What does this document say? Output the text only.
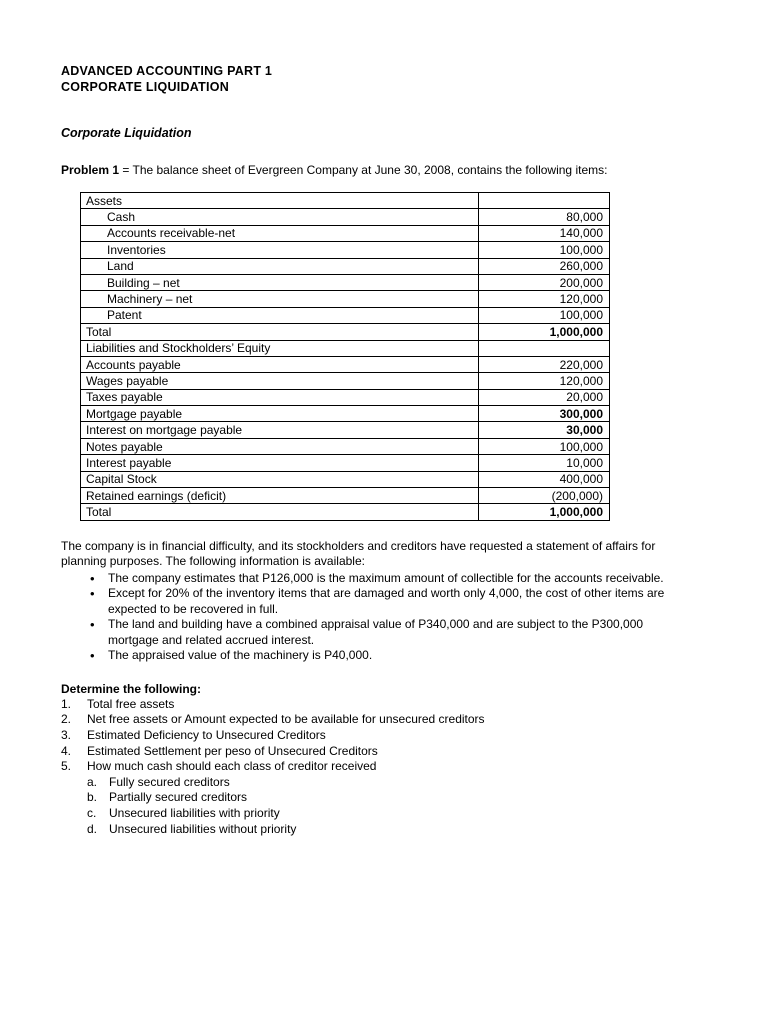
ADVANCED ACCOUNTING PART 1
CORPORATE LIQUIDATION
Corporate Liquidation
Problem 1 = The balance sheet of Evergreen Company at June 30, 2008, contains the following items:
Assets	
Cash	80,000
Accounts receivable-net	140,000
Inventories	100,000
Land	260,000
Building – net	200,000
Machinery – net	120,000
Patent	100,000
Total	1,000,000
Liabilities and Stockholders’ Equity	
Accounts payable	220,000
Wages payable	120,000
Taxes payable	20,000
Mortgage payable	300,000
Interest on mortgage payable	30,000
Notes payable	100,000
Interest payable	10,000
Capital Stock	400,000
Retained earnings (deficit)	(200,000)
Total	1,000,000
The company is in financial difficulty, and its stockholders and creditors have requested a statement of affairs for planning purposes. The following information is available:
• The company estimates that P126,000 is the maximum amount of collectible for the accounts receivable.
• Except for 20% of the inventory items that are damaged and worth only 4,000, the cost of other items are expected to be recovered in full.
• The land and building have a combined appraisal value of P340,000 and are subject to the P300,000 mortgage and related accrued interest.
• The appraised value of the machinery is P40,000.
Determine the following:
1.	Total free assets
2.	Net free assets or Amount expected to be available for unsecured creditors
3.	Estimated Deficiency to Unsecured Creditors
4.	Estimated Settlement per peso of Unsecured Creditors
5.	How much cash should each class of creditor received
a. Fully secured creditors
b. Partially secured creditors
c.	Unsecured liabilities with priority
d. Unsecured liabilities without priority
